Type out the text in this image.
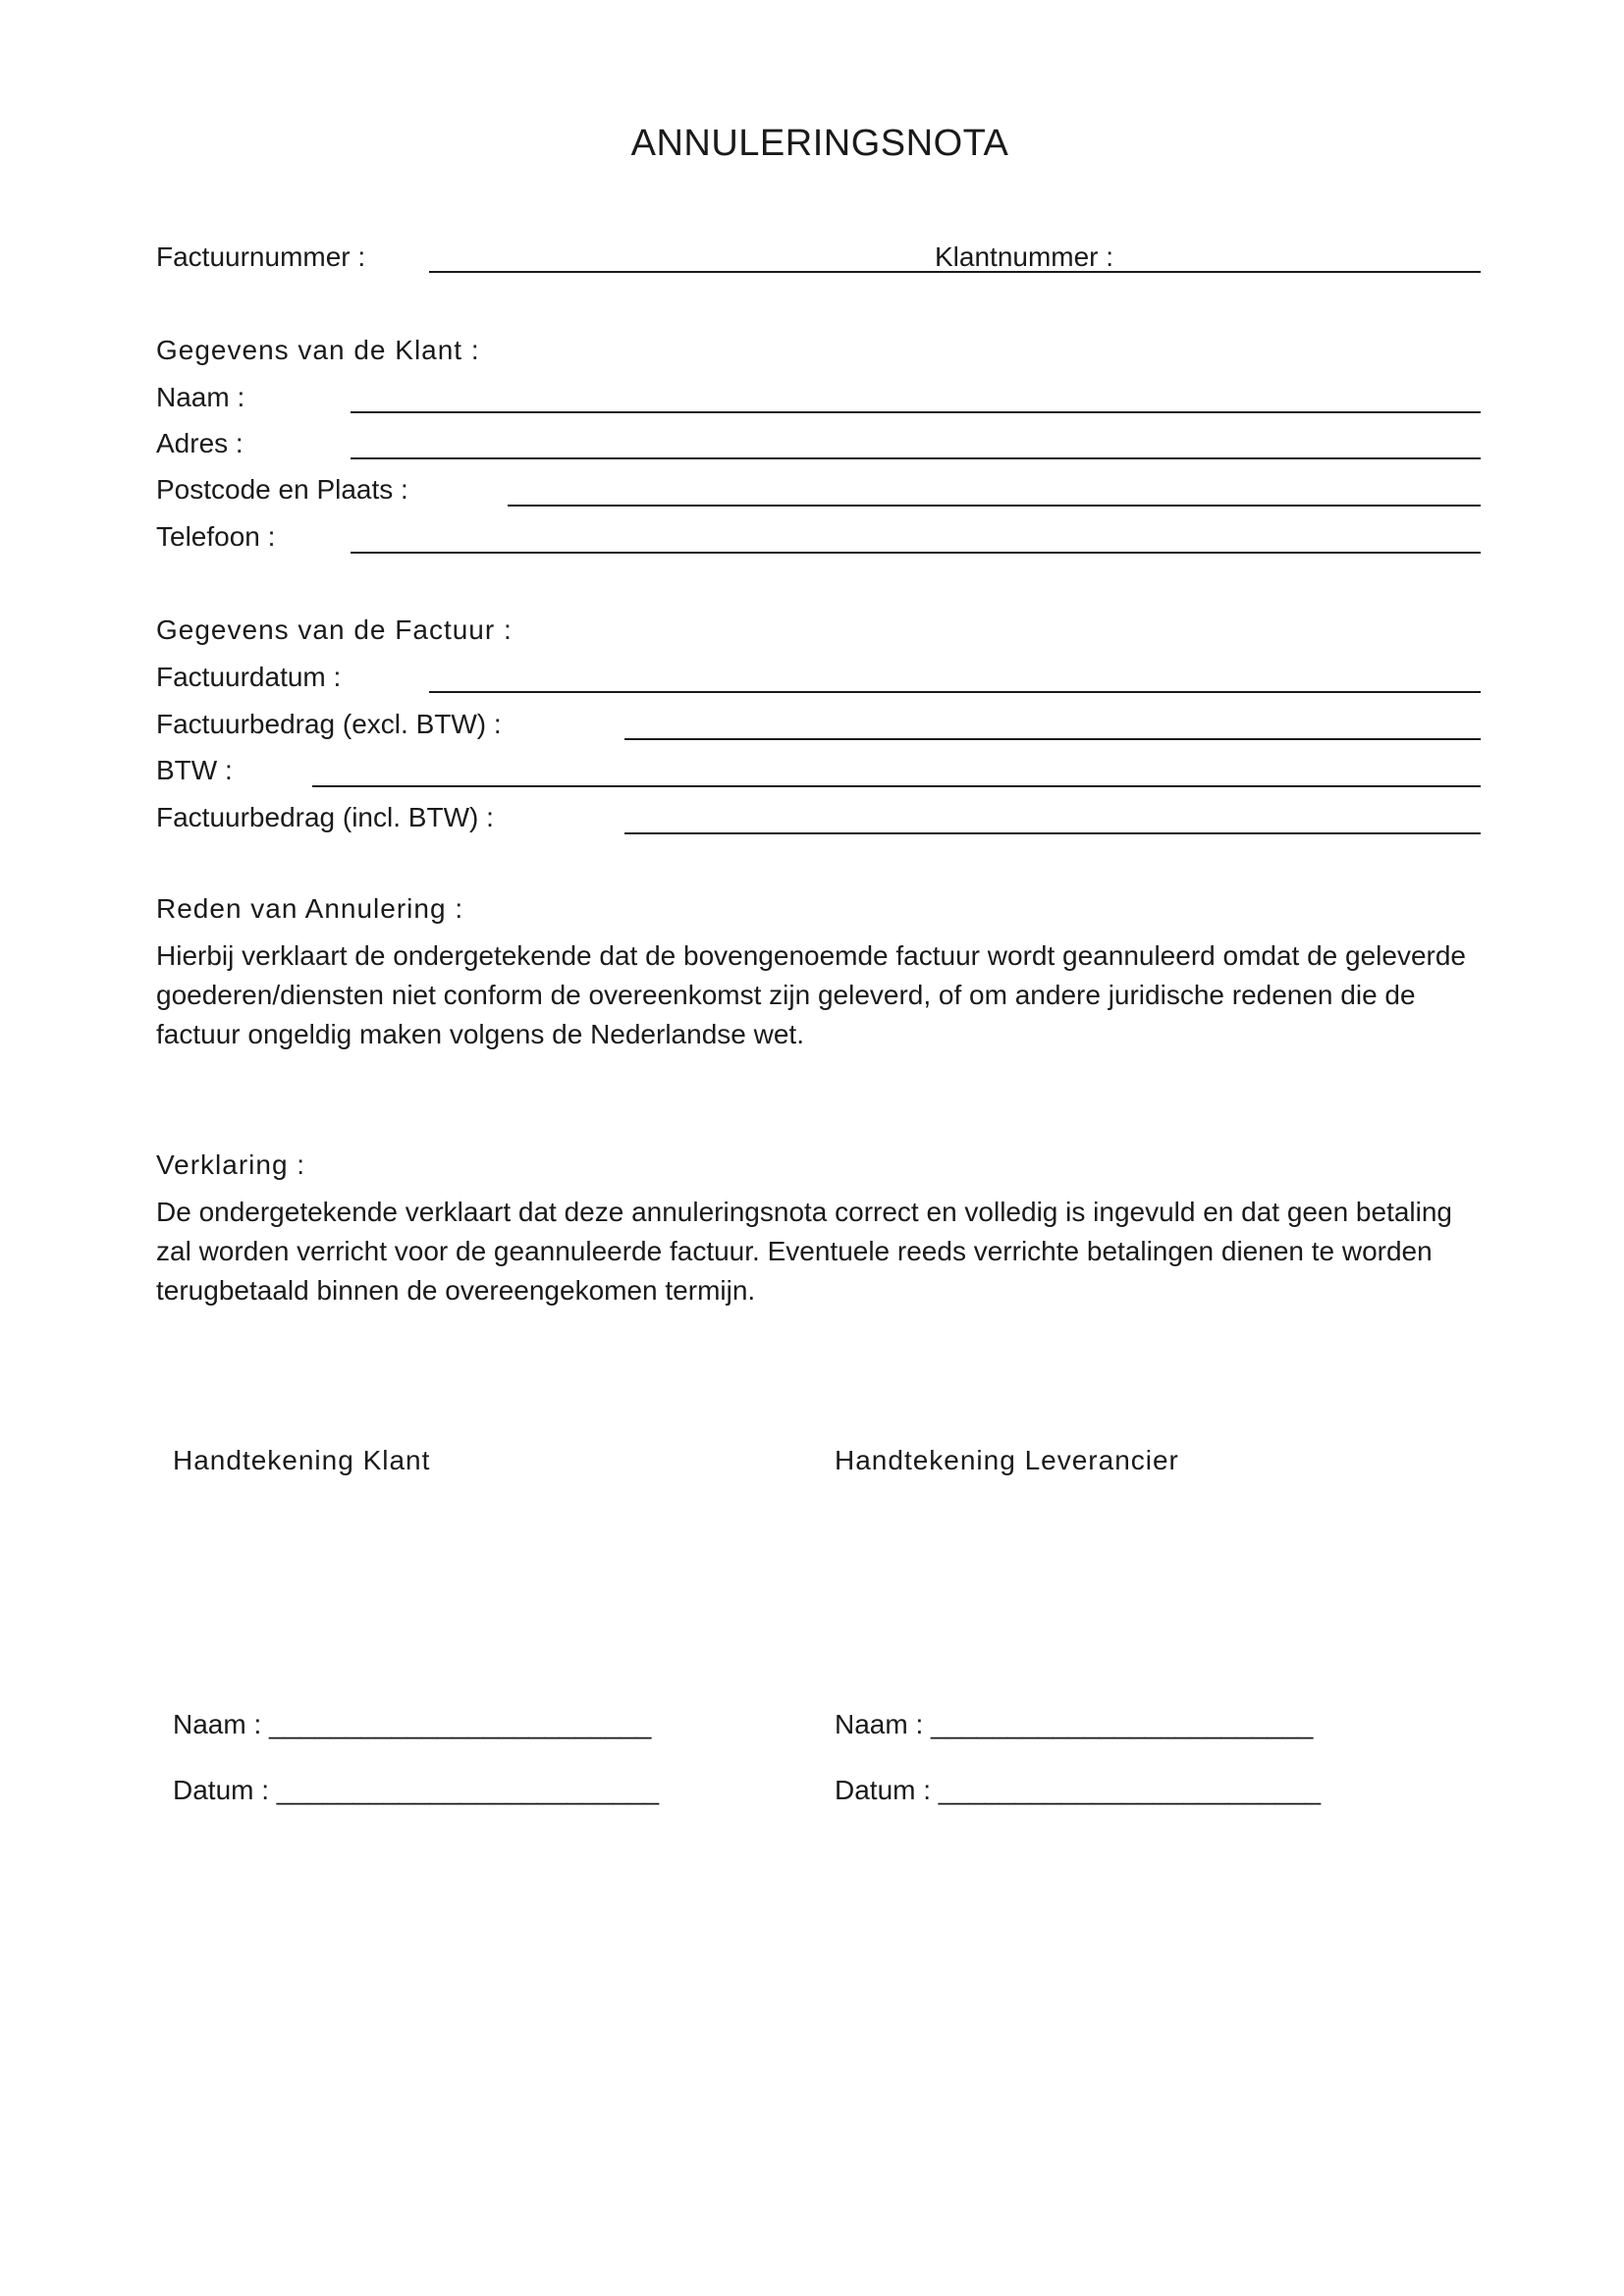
ANNULERINGSNOTA
Factuurnummer :	Klantnummer :
Gegevens van de Klant :
Naam :
Adres :
Postcode en Plaats :
Telefoon :
Gegevens van de Factuur :
Factuurdatum :
Factuurbedrag (excl. BTW) :
BTW :
Factuurbedrag (incl. BTW) :
Reden van Annulering :

Hierbij verklaart de ondergetekende dat de bovengenoemde factuur wordt geannuleerd omdat de geleverde

goederen/diensten niet conform de overeenkomst zijn geleverd, of om andere juridische redenen die de

factuur ongeldig maken volgens de Nederlandse wet.

Verklaring :

De ondergetekende verklaart dat deze annuleringsnota correct en volledig is ingevuld en dat geen betaling

zal worden verricht voor de geannuleerde factuur. Eventuele reeds verrichte betalingen dienen te worden

terugbetaald binnen de overeengekomen termijn.

Handtekening Klant	Handtekening Leverancier
Naam : _________________________	Naam : _________________________
Datum : _________________________	Datum : _________________________
